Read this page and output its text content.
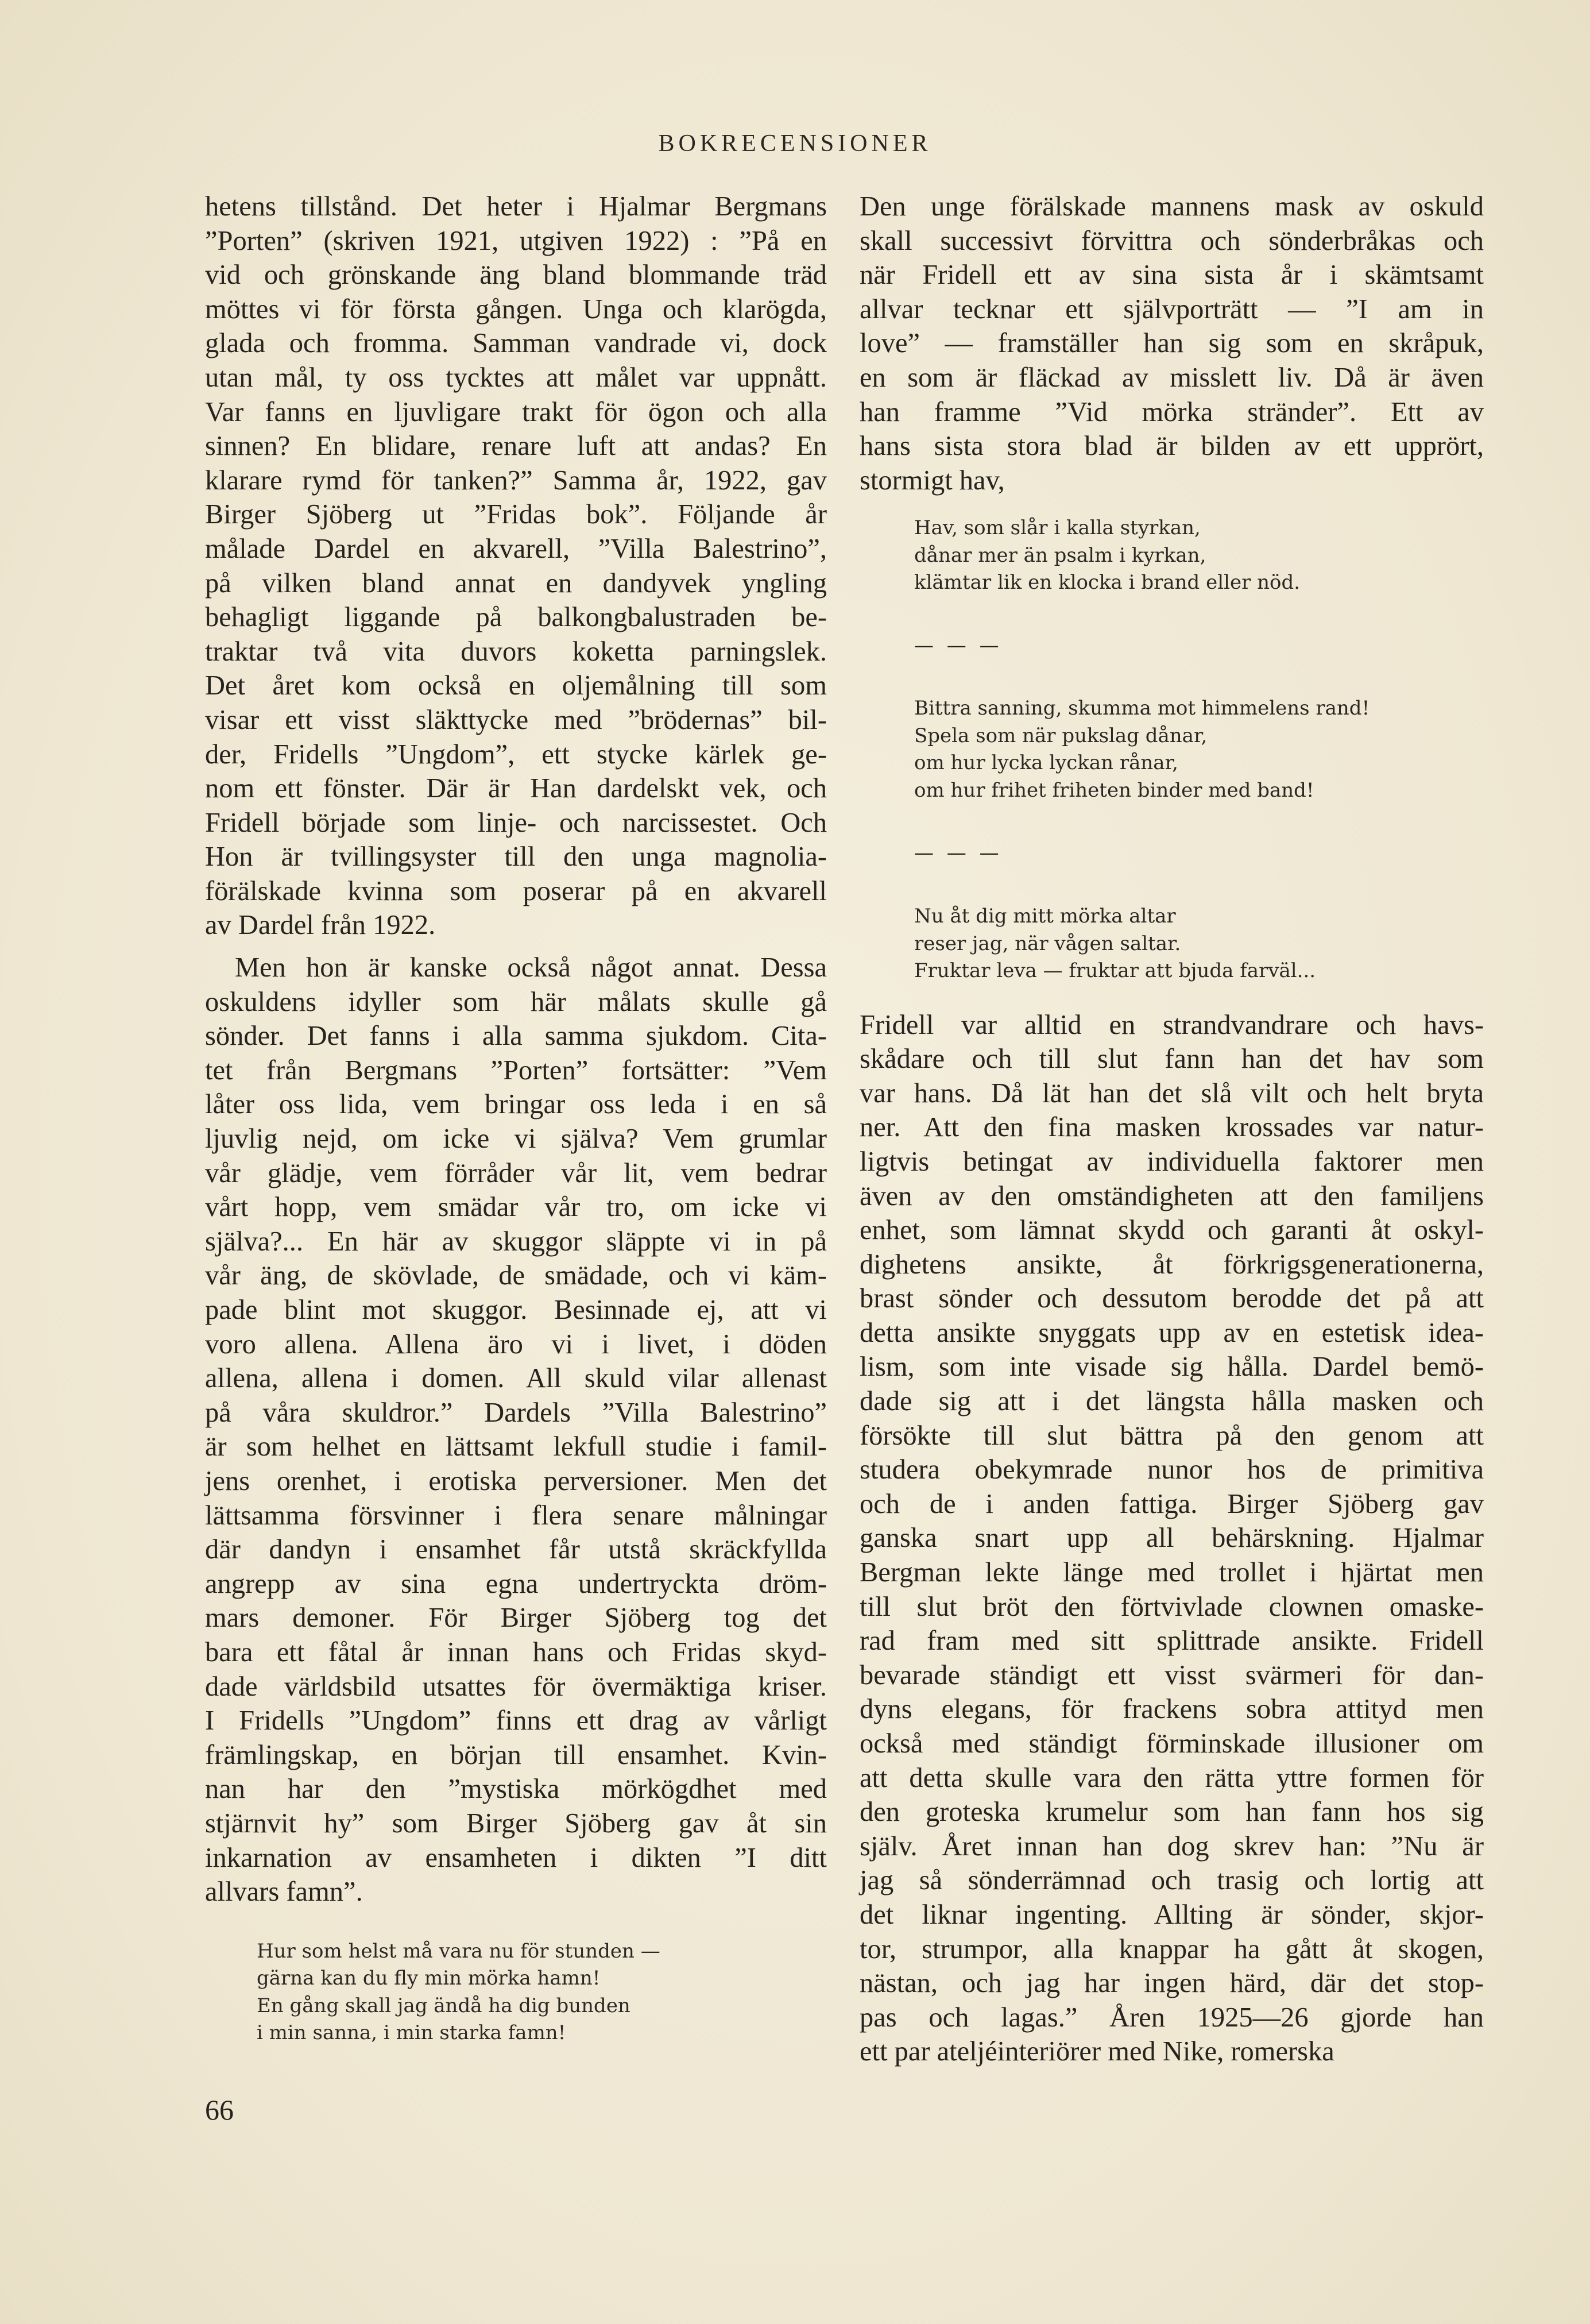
BOKRECENSIONER

hetens tillstånd. Det heter i Hjalmar Bergmans
”Porten” (skriven 1921, utgiven 1922) : ”På en
vid och grönskande äng bland blommande träd
möttes vi för första gången. Unga och klarögda,
glada och fromma. Samman vandrade vi, dock
utan mål, ty oss tycktes att målet var uppnått.
Var fanns en ljuvligare trakt för ögon och alla
sinnen? En blidare, renare luft att andas? En
klarare rymd för tanken?” Samma år, 1922, gav
Birger Sjöberg ut ”Fridas bok”. Följande år
målade Dardel en akvarell, ”Villa Balestrino”,
på vilken bland annat en dandyvek yngling
behagligt liggande på balkongbalustraden be-
traktar två vita duvors koketta parningslek.
Det året kom också en oljemålning till som
visar ett visst släkttycke med ”brödernas” bil-
der, Fridells ”Ungdom”, ett stycke kärlek ge-
nom ett fönster. Där är Han dardelskt vek, och
Fridell började som linje- och narcissestet. Och
Hon är tvillingsyster till den unga magnolia-
förälskade kvinna som poserar på en akvarell
av Dardel från 1922.

Men hon är kanske också något annat. Dessa
oskuldens idyller som här målats skulle gå
sönder. Det fanns i alla samma sjukdom. Cita-
tet från Bergmans ”Porten” fortsätter: ”Vem
låter oss lida, vem bringar oss leda i en så
ljuvlig nejd, om icke vi själva? Vem grumlar
vår glädje, vem förråder vår lit, vem bedrar
vårt hopp, vem smädar vår tro, om icke vi
själva?... En här av skuggor släppte vi in på
vår äng, de skövlade, de smädade, och vi käm-
pade blint mot skuggor. Besinnade ej, att vi
voro allena. Allena äro vi i livet, i döden
allena, allena i domen. All skuld vilar allenast
på våra skuldror.” Dardels ”Villa Balestrino”
är som helhet en lättsamt lekfull studie i famil-
jens orenhet, i erotiska perversioner. Men det
lättsamma försvinner i flera senare målningar
där dandyn i ensamhet får utstå skräckfyllda
angrepp av sina egna undertryckta dröm-
mars demoner. För Birger Sjöberg tog det
bara ett fåtal år innan hans och Fridas skyd-
dade världsbild utsattes för övermäktiga kriser.
I Fridells ”Ungdom” finns ett drag av vårligt
främlingskap, en början till ensamhet. Kvin-
nan har den ”mystiska mörkögdhet med
stjärnvit hy” som Birger Sjöberg gav åt sin
inkarnation av ensamheten i dikten ”I ditt
allvars famn”.

Hur som helst må vara nu för stunden —
gärna kan du fly min mörka hamn!
En gång skall jag ändå ha dig bunden
i min sanna, i min starka famn!

Den unge förälskade mannens mask av oskuld
skall successivt förvittra och sönderbråkas och
när Fridell ett av sina sista år i skämtsamt
allvar tecknar ett självporträtt — ”I am in
love” — framställer han sig som en skråpuk,
en som är fläckad av misslett liv. Då är även
han framme ”Vid mörka stränder”. Ett av
hans sista stora blad är bilden av ett upprört,
stormigt hav,

Hav, som slår i kalla styrkan,
dånar mer än psalm i kyrkan,
klämtar lik en klocka i brand eller nöd.
— — —
Bittra sanning, skumma mot himmelens rand!
Spela som när pukslag dånar,
om hur lycka lyckan rånar,
om hur frihet friheten binder med band!
— — —
Nu åt dig mitt mörka altar
reser jag, när vågen saltar.
Fruktar leva — fruktar att bjuda farväl...

Fridell var alltid en strandvandrare och havs-
skådare och till slut fann han det hav som
var hans. Då lät han det slå vilt och helt bryta
ner. Att den fina masken krossades var natur-
ligtvis betingat av individuella faktorer men
även av den omständigheten att den familjens
enhet, som lämnat skydd och garanti åt oskyl-
dighetens ansikte, åt förkrigsgenerationerna,
brast sönder och dessutom berodde det på att
detta ansikte snyggats upp av en estetisk idea-
lism, som inte visade sig hålla. Dardel bemö-
dade sig att i det längsta hålla masken och
försökte till slut bättra på den genom att
studera obekymrade nunor hos de primitiva
och de i anden fattiga. Birger Sjöberg gav
ganska snart upp all behärskning. Hjalmar
Bergman lekte länge med trollet i hjärtat men
till slut bröt den förtvivlade clownen omaske-
rad fram med sitt splittrade ansikte. Fridell
bevarade ständigt ett visst svärmeri för dan-
dyns elegans, för frackens sobra attityd men
också med ständigt förminskade illusioner om
att detta skulle vara den rätta yttre formen för
den groteska krumelur som han fann hos sig
själv. Året innan han dog skrev han: ”Nu är
jag så sönderrämnad och trasig och lortig att
det liknar ingenting. Allting är sönder, skjor-
tor, strumpor, alla knappar ha gått åt skogen,
nästan, och jag har ingen härd, där det stop-
pas och lagas.” Åren 1925—26 gjorde han
ett par ateljéinteriörer med Nike, romerska

66
